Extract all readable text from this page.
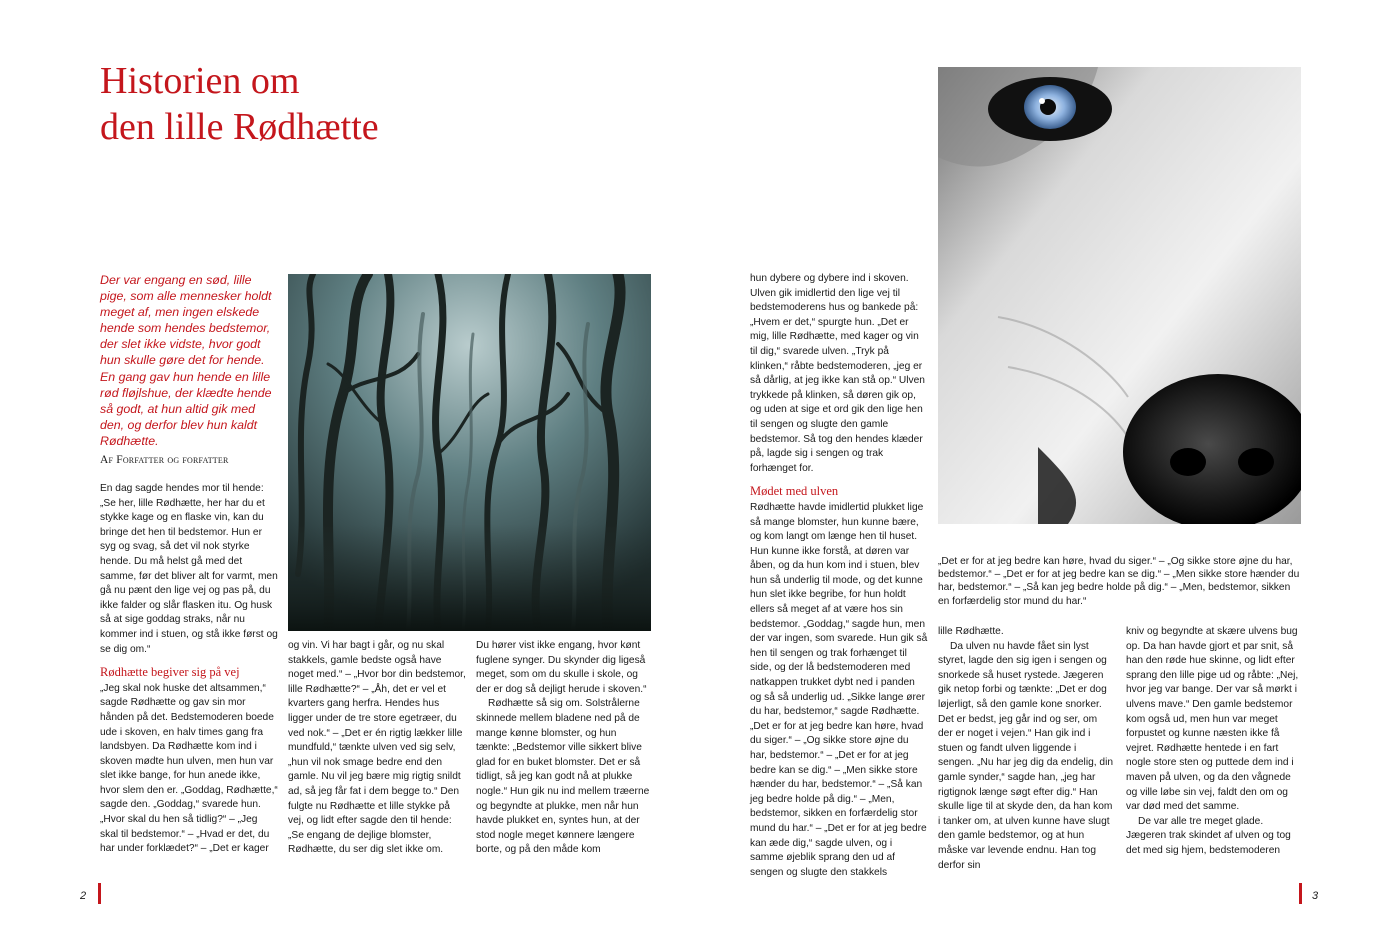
Historien om
den lille Rødhætte

Der var engang en sød, lille pige, som alle mennesker holdt meget af, men ingen elskede hende som hendes bedstemor, der slet ikke vidste, hvor godt hun skulle gøre det for hende. En gang gav hun hende en lille rød fløjlshue, der klædte hende så godt, at hun altid gik med den, og derfor blev hun kaldt Rødhætte.

Af Forfatter og forfatter

En dag sagde hendes mor til hende: „Se her, lille Rødhætte, her har du et stykke kage og en flaske vin, kan du bringe det hen til bedstemor. Hun er syg og svag, så det vil nok styrke hende. Du må helst gå med det samme, før det bliver alt for varmt, men gå nu pænt den lige vej og pas på, du ikke falder og slår flasken itu. Og husk så at sige goddag straks, når nu kommer ind i stuen, og stå ikke først og se dig om.“

Rødhætte begiver sig på vej

„Jeg skal nok huske det altsammen,“ sagde Rødhætte og gav sin mor hånden på det. Bedstemoderen boede ude i skoven, en halv times gang fra landsbyen. Da Rødhætte kom ind i skoven mødte hun ulven, men hun var slet ikke bange, for hun anede ikke, hvor slem den er. „Goddag, Rødhætte,“ sagde den. „Goddag,“ svarede hun. „Hvor skal du hen så tidlig?“ – „Jeg skal til bedstemor.“ – „Hvad er det, du har under forklædet?“ – „Det er kager

og vin. Vi har bagt i går, og nu skal stakkels, gamle bedste også have noget med.“ – „Hvor bor din bedstemor, lille Rødhætte?“ – „Åh, det er vel et kvarters gang herfra. Hendes hus ligger under de tre store egetræer, du ved nok.“ – „Det er én rigtig lækker lille mundfuld,“ tænkte ulven ved sig selv, „hun vil nok smage bedre end den gamle. Nu vil jeg bære mig rigtig snildt ad, så jeg får fat i dem begge to.“ Den fulgte nu Rødhætte et lille stykke på vej, og lidt efter sagde den til hende: „Se engang de dejlige blomster, Rødhætte, du ser dig slet ikke om.

Du hører vist ikke engang, hvor kønt fuglene synger. Du skynder dig ligeså meget, som om du skulle i skole, og der er dog så dejligt herude i skoven.“

Rødhætte så sig om. Solstrålerne skinnede mellem bladene ned på de mange kønne blomster, og hun tænkte: „Bedstemor ville sikkert blive glad for en buket blomster. Det er så tidligt, så jeg kan godt nå at plukke nogle.“ Hun gik nu ind mellem træerne og begyndte at plukke, men når hun havde plukket en, syntes hun, at der stod nogle meget kønnere længere borte, og på den måde kom

2

hun dybere og dybere ind i skoven. Ulven gik imidlertid den lige vej til bedstemoderens hus og bankede på: „Hvem er det,“ spurgte hun. „Det er mig, lille Rødhætte, med kager og vin til dig,“ svarede ulven. „Tryk på klinken,“ råbte bedstemoderen, „jeg er så dårlig, at jeg ikke kan stå op.“ Ulven trykkede på klinken, så døren gik op, og uden at sige et ord gik den lige hen til sengen og slugte den gamle bedstemor. Så tog den hendes klæder på, lagde sig i sengen og trak forhænget for.

Mødet med ulven

Rødhætte havde imidlertid plukket lige så mange blomster, hun kunne bære, og kom langt om længe hen til huset. Hun kunne ikke forstå, at døren var åben, og da hun kom ind i stuen, blev hun så underlig til mode, og det kunne hun slet ikke begribe, for hun holdt ellers så meget af at være hos sin bedstemor. „Goddag,“ sagde hun, men der var ingen, som svarede. Hun gik så hen til sengen og trak forhænget til side, og der lå bedstemoderen med natkappen trukket dybt ned i panden og så så underlig ud. „Sikke lange ører du har, bedstemor,“ sagde Rødhætte. „Det er for at jeg bedre kan høre, hvad du siger.“ – „Og sikke store øjne du har, bedstemor.“ – „Det er for at jeg bedre kan se dig.“ – „Men sikke store hænder du har, bedstemor.“ – „Så kan jeg bedre holde på dig.“ – „Men, bedstemor, sikken en forfærdelig stor mund du har.“ – „Det er for at jeg bedre kan æde dig,“ sagde ulven, og i samme øjeblik sprang den ud af sengen og slugte den stakkels

„Det er for at jeg bedre kan høre, hvad du siger.“ – „Og sikke store øjne du har, bedstemor.“ – „Det er for at jeg bedre kan se dig.“ – „Men sikke store hænder du har, bedstemor.“ – „Så kan jeg bedre holde på dig.“ – „Men, bedstemor, sikken en forfærdelig stor mund du har.“

lille Rødhætte.

Da ulven nu havde fået sin lyst styret, lagde den sig igen i sengen og snorkede så huset rystede. Jægeren gik netop forbi og tænkte: „Det er dog løjerligt, så den gamle kone snorker. Det er bedst, jeg går ind og ser, om der er noget i vejen.“ Han gik ind i stuen og fandt ulven liggende i sengen. „Nu har jeg dig da endelig, din gamle synder,“ sagde han, „jeg har rigtignok længe søgt efter dig.“ Han skulle lige til at skyde den, da han kom i tanker om, at ulven kunne have slugt den gamle bedstemor, og at hun måske var levende endnu. Han tog derfor sin

kniv og begyndte at skære ulvens bug op. Da han havde gjort et par snit, så han den røde hue skinne, og lidt efter sprang den lille pige ud og råbte: „Nej, hvor jeg var bange. Der var så mørkt i ulvens mave.“ Den gamle bedstemor kom også ud, men hun var meget forpustet og kunne næsten ikke få vejret. Rødhætte hentede i en fart nogle store sten og puttede dem ind i maven på ulven, og da den vågnede og ville løbe sin vej, faldt den om og var død med det samme.

De var alle tre meget glade. Jægeren trak skindet af ulven og tog det med sig hjem, bedstemoderen

3
